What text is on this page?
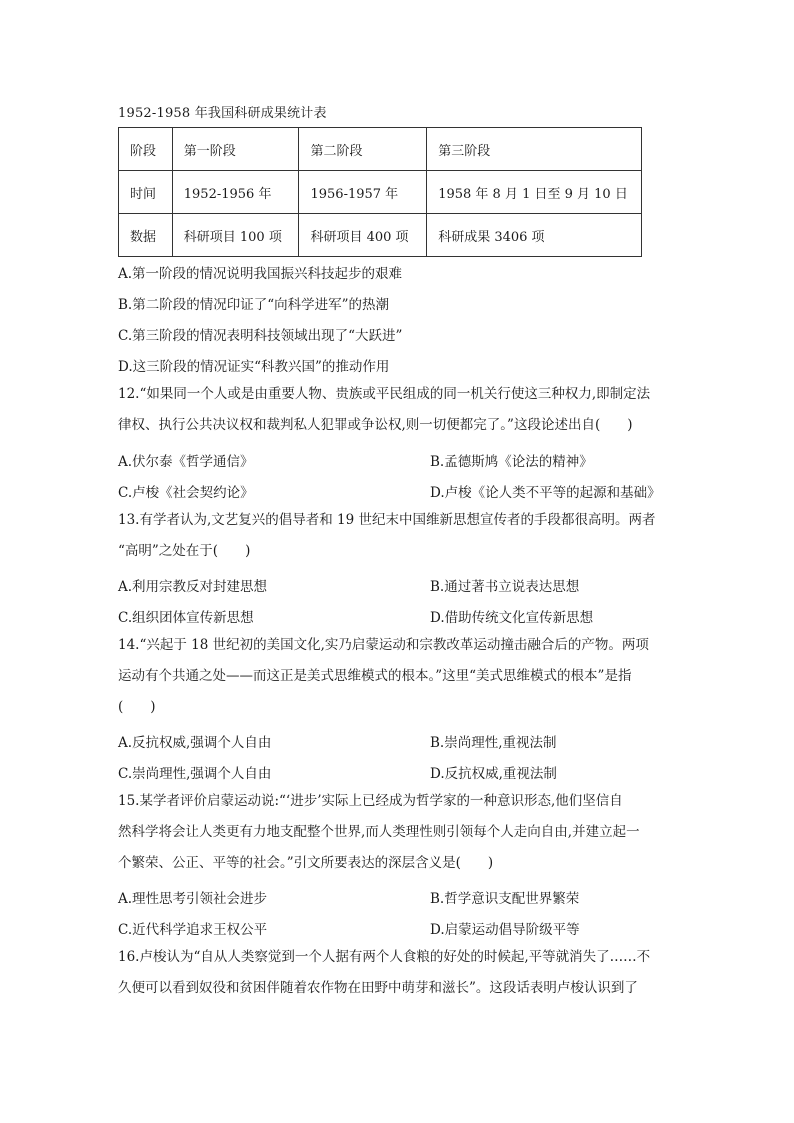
1952-1958 年我国科研成果统计表
阶段	第一阶段	第二阶段	第三阶段
时间	1952-1956 年	1956-1957 年	1958 年 8 月 1 日至 9 月 10 日
数据	科研项目 100 项	科研项目 400 项	科研成果 3406 项
A.第一阶段的情况说明我国振兴科技起步的艰难
B.第二阶段的情况印证了“向科学进军”的热潮
C.第三阶段的情况表明科技领域出现了“大跃进”
D.这三阶段的情况证实“科教兴国”的推动作用
12.“如果同一个人或是由重要人物、贵族或平民组成的同一机关行使这三种权力,即制定法
律权、执行公共决议权和裁判私人犯罪或争讼权,则一切便都完了。”这段论述出自(　　)
A.伏尔泰《哲学通信》	B.孟德斯鸠《论法的精神》
C.卢梭《社会契约论》	D.卢梭《论人类不平等的起源和基础》
13.有学者认为,文艺复兴的倡导者和 19 世纪末中国维新思想宣传者的手段都很高明。两者
“高明”之处在于(　　)
A.利用宗教反对封建思想	B.通过著书立说表达思想
C.组织团体宣传新思想	D.借助传统文化宣传新思想
14.“兴起于 18 世纪初的美国文化,实乃启蒙运动和宗教改革运动撞击融合后的产物。两项
运动有个共通之处——而这正是美式思维模式的根本。”这里“美式思维模式的根本”是指
(　　)
A.反抗权威,强调个人自由	B.崇尚理性,重视法制
C.崇尚理性,强调个人自由	D.反抗权威,重视法制
15.某学者评价启蒙运动说:“‘进步’实际上已经成为哲学家的一种意识形态,他们坚信自
然科学将会让人类更有力地支配整个世界,而人类理性则引领每个人走向自由,并建立起一
个繁荣、公正、平等的社会。”引文所要表达的深层含义是(　　)
A.理性思考引领社会进步	B.哲学意识支配世界繁荣
C.近代科学追求王权公平	D.启蒙运动倡导阶级平等
16.卢梭认为“自从人类察觉到一个人据有两个人食粮的好处的时候起,平等就消失了……不
久便可以看到奴役和贫困伴随着农作物在田野中萌芽和滋长”。这段话表明卢梭认识到了
